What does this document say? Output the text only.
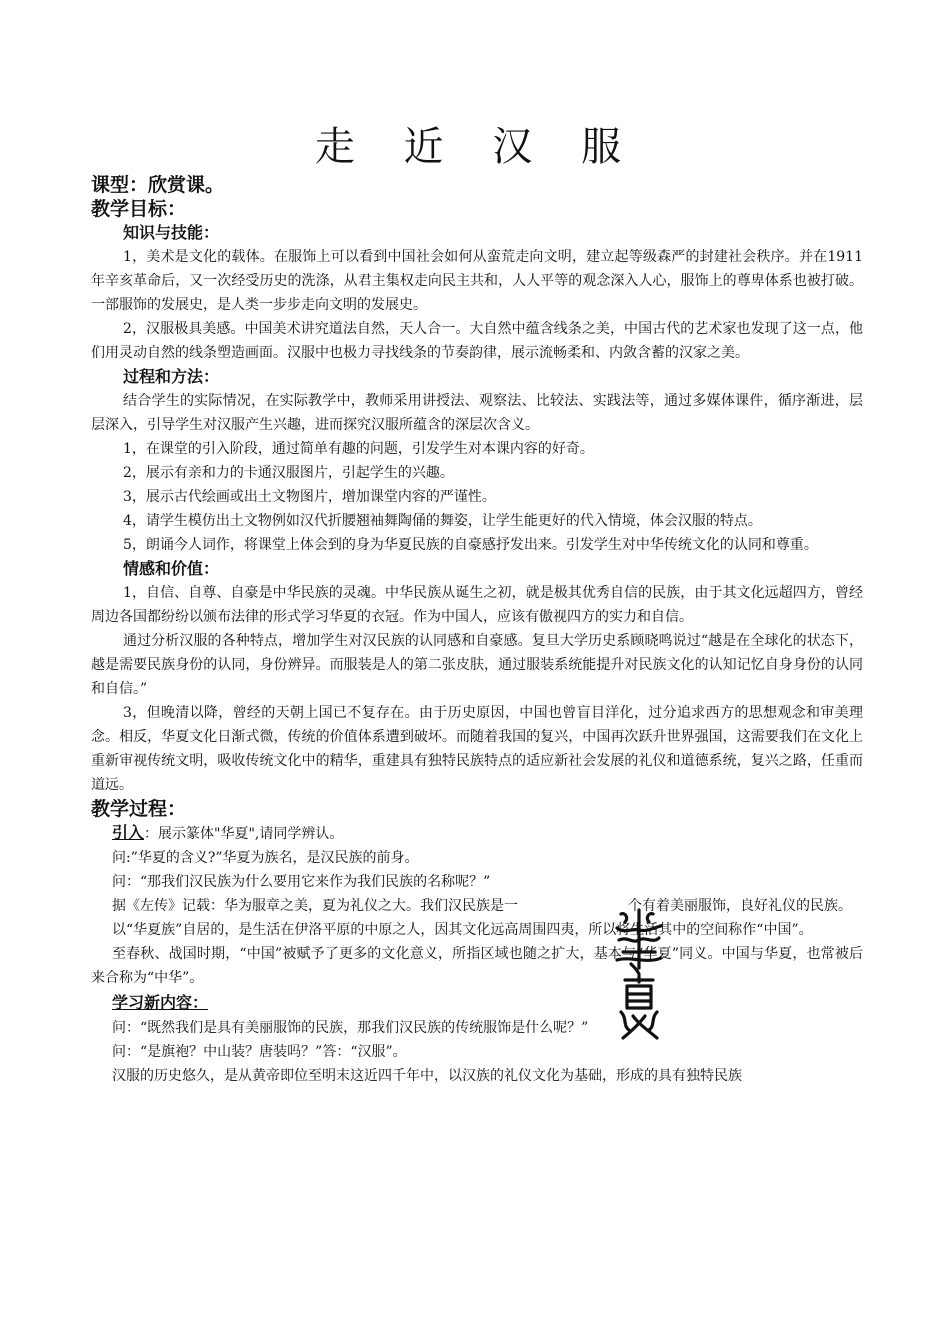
走 近 汉 服
课型：欣赏课。
教学目标：
知识与技能：

1，美术是文化的载体。在服饰上可以看到中国社会如何从蛮荒走向文明，建立起等级森严的封建社会秩序。并在1911年辛亥革命后，又一次经受历史的洗涤，从君主集权走向民主共和，人人平等的观念深入人心，服饰上的尊卑体系也被打破。一部服饰的发展史，是人类一步步走向文明的发展史。

2，汉服极具美感。中国美术讲究道法自然，天人合一。大自然中蕴含线条之美，中国古代的艺术家也发现了这一点，他们用灵动自然的线条塑造画面。汉服中也极力寻找线条的节奏韵律，展示流畅柔和、内敛含蓄的汉家之美。

过程和方法：

结合学生的实际情况，在实际教学中，教师采用讲授法、观察法、比较法、实践法等，通过多媒体课件，循序渐进，层层深入，引导学生对汉服产生兴趣，进而探究汉服所蕴含的深层次含义。

1，在课堂的引入阶段，通过简单有趣的问题，引发学生对本课内容的好奇。

2，展示有亲和力的卡通汉服图片，引起学生的兴趣。

3，展示古代绘画或出土文物图片，增加课堂内容的严谨性。

4，请学生模仿出土文物例如汉代折腰翘袖舞陶俑的舞姿，让学生能更好的代入情境，体会汉服的特点。

5，朗诵今人词作，将课堂上体会到的身为华夏民族的自豪感抒发出来。引发学生对中华传统文化的认同和尊重。

情感和价值：

1，自信、自尊、自豪是中华民族的灵魂。中华民族从诞生之初，就是极其优秀自信的民族，由于其文化远超四方，曾经周边各国都纷纷以颁布法律的形式学习华夏的衣冠。作为中国人，应该有傲视四方的实力和自信。

通过分析汉服的各种特点，增加学生对汉民族的认同感和自豪感。复旦大学历史系顾晓鸣说过“越是在全球化的状态下，越是需要民族身份的认同，身份辨异。而服装是人的第二张皮肤，通过服装系统能提升对民族文化的认知记忆自身身份的认同和自信。”

3，但晚清以降，曾经的天朝上国已不复存在。由于历史原因，中国也曾盲目洋化，过分追求西方的思想观念和审美理念。相反，华夏文化日渐式微，传统的价值体系遭到破坏。而随着我国的复兴，中国再次跃升世界强国，这需要我们在文化上重新审视传统文明，吸收传统文化中的精华，重建具有独特民族特点的适应新社会发展的礼仪和道德系统，复兴之路，任重而道远。

教学过程：

引入：展示篆体"华夏",请同学辨认。

问:”华夏的含义?”华夏为族名，是汉民族的前身。

问：“那我们汉民族为什么要用它来作为我们民族的名称呢？”

据《左传》记载：华为服章之美，夏为礼仪之大。我们汉民族是一	个有着美丽服饰，良好礼仪的民族。

以“华夏族”自居的，是生活在伊洛平原的中原之人，因其文化远高周围四夷，所以将生活其中的空间称作“中国”。

至春秋、战国时期，“中国”被赋予了更多的文化意义，所指区域也随之扩大，基本与“华夏”同义。中国与华夏，也常被后来合称为“中华”。

学习新内容：

问：“既然我们是具有美丽服饰的民族，那我们汉民族的传统服饰是什么呢？”

问：“是旗袍？中山装？唐装吗？”答：“汉服”。

汉服的历史悠久，是从黄帝即位至明末这近四千年中，以汉族的礼仪文化为基础，形成的具有独特民族
